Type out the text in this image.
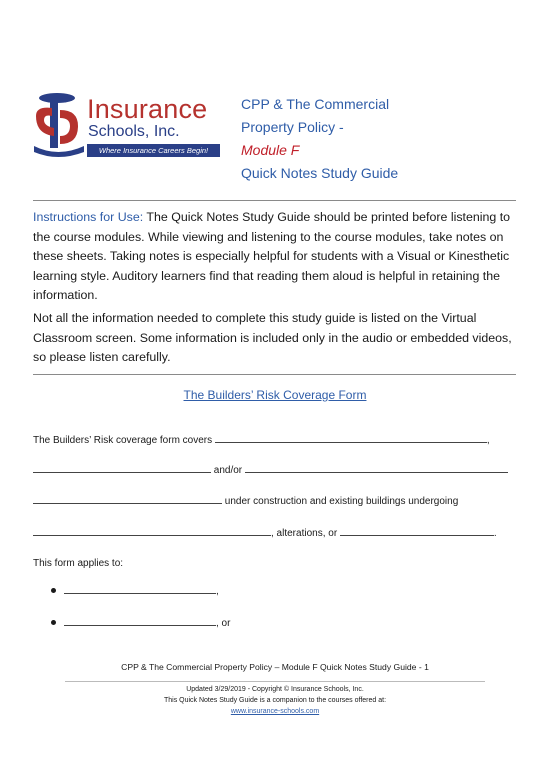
Insurance
Schools, Inc.
Where Insurance Careers Begin!
CPP & The Commercial
Property Policy -
Module F
Quick Notes Study Guide
Instructions for Use: The Quick Notes Study Guide should be printed before listening to the course modules. While viewing and listening to the course modules, take notes on these sheets. Taking notes is especially helpful for students with a Visual or Kinesthetic learning style. Auditory learners find that reading them aloud is helpful in retaining the information.
Not all the information needed to complete this study guide is listed on the Virtual Classroom screen. Some information is included only in the audio or embedded videos, so please listen carefully.
The Builders’ Risk Coverage Form
The Builders’ Risk coverage form covers	,
and/or
under construction and existing buildings undergoing
, alterations, or	.
This form applies to:
,
, or
CPP & The Commercial Property Policy – Module F Quick Notes Study Guide - 1
Updated 3/29/2019 - Copyright © Insurance Schools, Inc.
This Quick Notes Study Guide is a companion to the courses offered at:
www.insurance-schools.com
